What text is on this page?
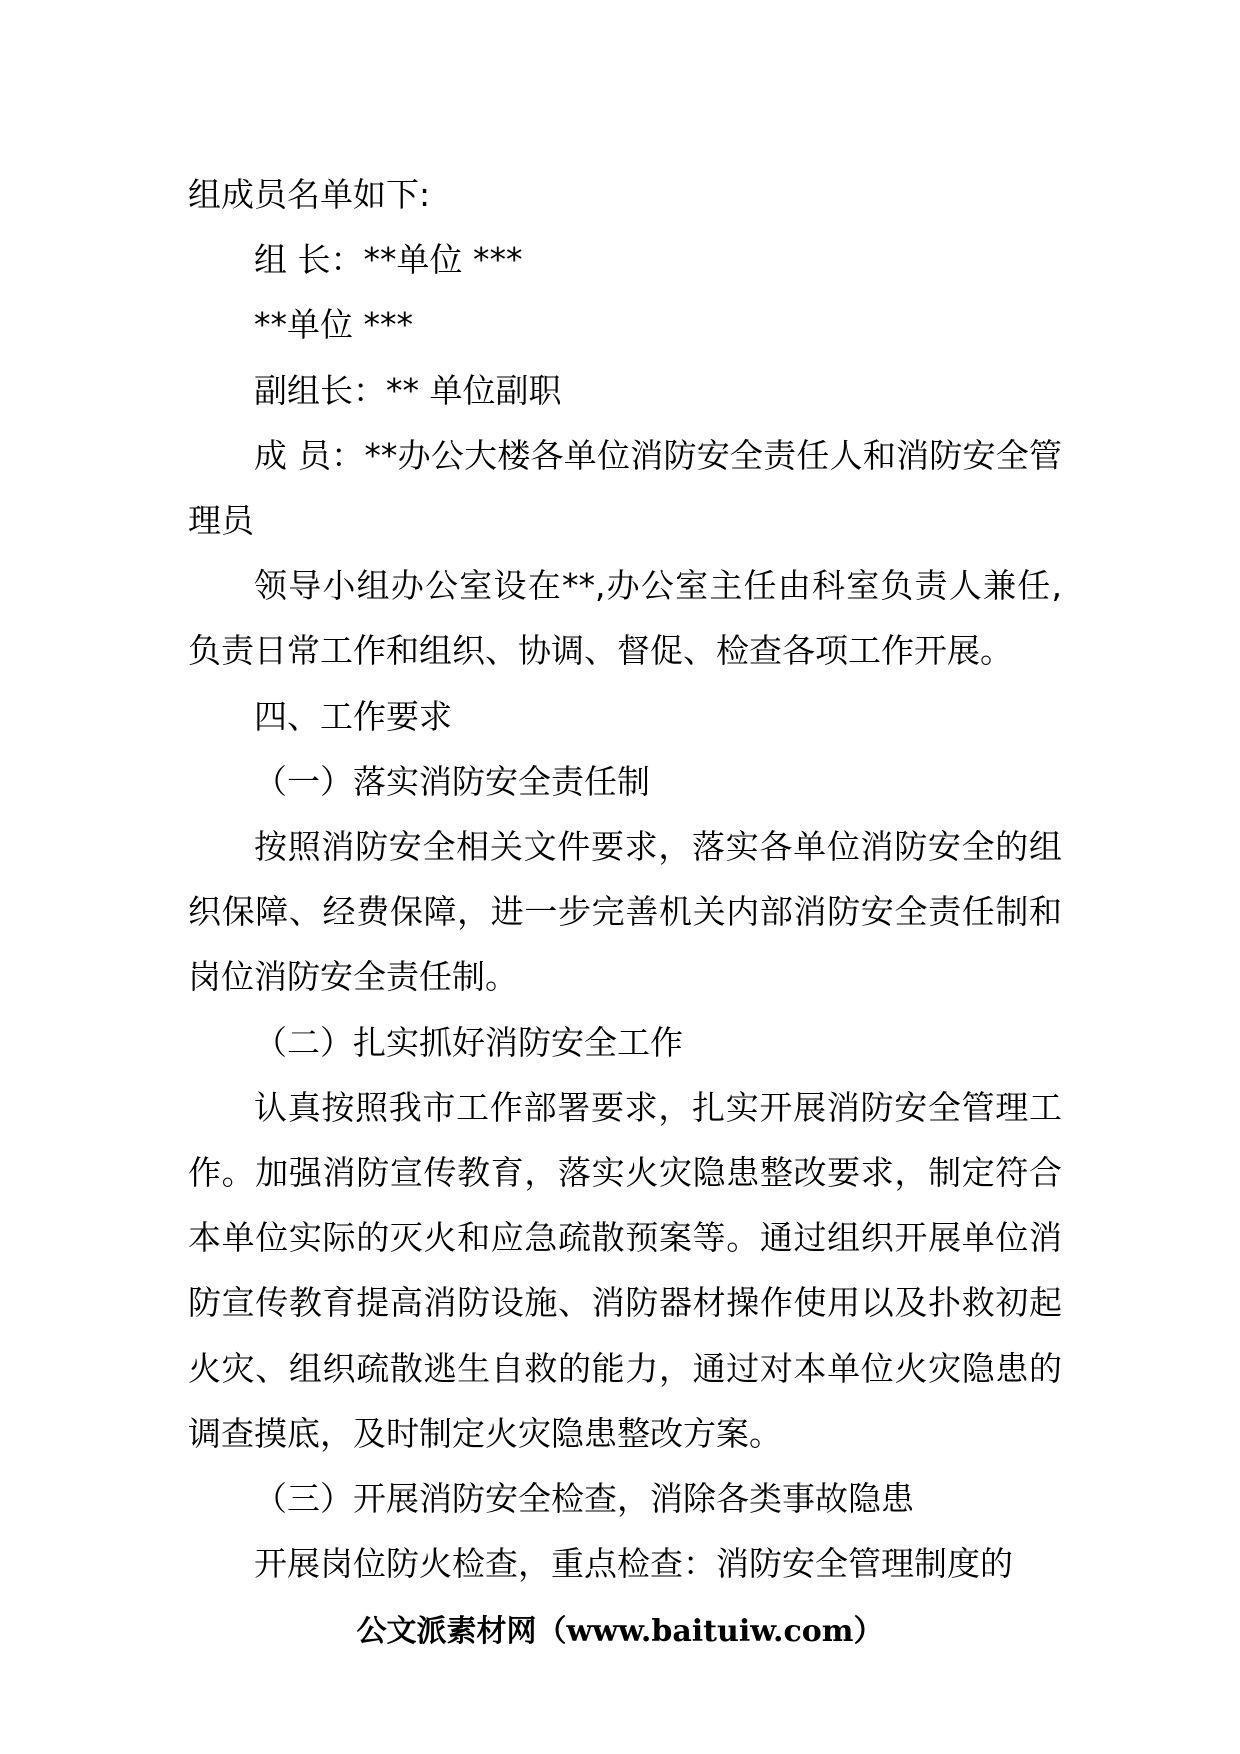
组成员名单如下:

组 长：**单位 ***

**单位 ***

副组长：** 单位副职

成 员：**办公大楼各单位消防安全责任人和消防安全管理员

领导小组办公室设在**,办公室主任由科室负责人兼任,负责日常工作和组织、协调、督促、检查各项工作开展。

四、工作要求

（一）落实消防安全责任制

按照消防安全相关文件要求，落实各单位消防安全的组织保障、经费保障，进一步完善机关内部消防安全责任制和岗位消防安全责任制。

（二）扎实抓好消防安全工作

认真按照我市工作部署要求，扎实开展消防安全管理工作。加强消防宣传教育，落实火灾隐患整改要求，制定符合本单位实际的灭火和应急疏散预案等。通过组织开展单位消防宣传教育提高消防设施、消防器材操作使用以及扑救初起火灾、组织疏散逃生自救的能力，通过对本单位火灾隐患的调查摸底，及时制定火灾隐患整改方案。

（三）开展消防安全检查，消除各类事故隐患

开展岗位防火检查，重点检查：消防安全管理制度的

公文派素材网（www.baituiw.com）
